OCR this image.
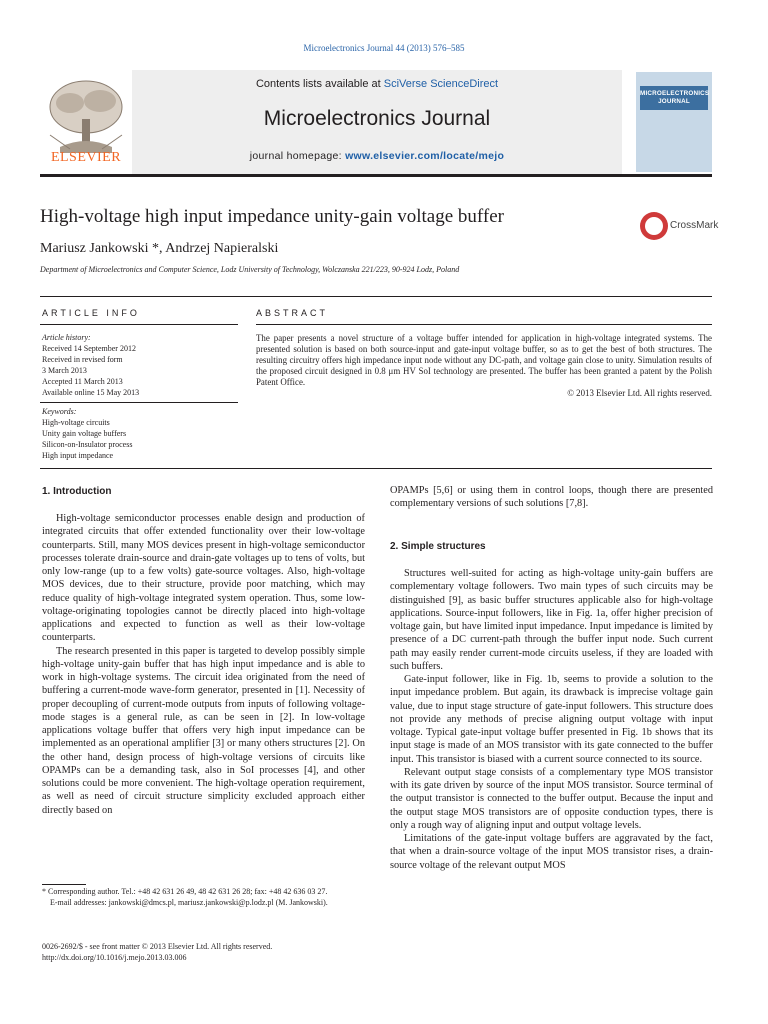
Microelectronics Journal 44 (2013) 576–585
ELSEVIER
Contents lists available at SciVerse ScienceDirect
Microelectronics Journal
journal homepage: www.elsevier.com/locate/mejo
MICROELECTRONICS JOURNAL
High-voltage high input impedance unity-gain voltage buffer	CrossMark
Mariusz Jankowski *, Andrzej Napieralski
Department of Microelectronics and Computer Science, Lodz University of Technology, Wolczanska 221/223, 90-924 Lodz, Poland
ARTICLE INFO	ABSTRACT
Article history:
Received 14 September 2012
Received in revised form
3 March 2013
Accepted 11 March 2013
Available online 15 May 2013
Keywords:
High-voltage circuits
Unity gain voltage buffers
Silicon-on-Insulator process
High input impedance
The paper presents a novel structure of a voltage buffer intended for application in high-voltage integrated systems. The presented solution is based on both source-input and gate-input voltage buffer, so as to get the best of both structures. The resulting circuitry offers high impedance input node without any DC-path, and voltage gain close to unity. Simulation results of the proposed circuit designed in 0.8 μm HV SoI technology are presented. The buffer has been granted a patent by the Polish Patent Office.
© 2013 Elsevier Ltd. All rights reserved.
1. Introduction

High-voltage semiconductor processes enable design and production of integrated circuits that offer extended functionality over their low-voltage counterparts. Still, many MOS devices present in high-voltage semiconductor processes tolerate drain-source and drain-gate voltages up to tens of volts, but only low-range (up to a few volts) gate-source voltages. Also, high-voltage MOS devices, due to their structure, provide poor matching, which may reduce quality of high-voltage integrated system operation. Thus, some low-voltage-originating topologies cannot be directly placed into high-voltage applications and expected to function as well as their low-voltage counterparts.

The research presented in this paper is targeted to develop possibly simple high-voltage unity-gain buffer that has high input impedance and is able to work in high-voltage systems. The circuit idea originated from the need of buffering a current-mode wave-form generator, presented in [1]. Necessity of proper decoupling of current-mode outputs from inputs of following voltage-mode stages is a general rule, as can be seen in [2]. In low-voltage applications voltage buffer that offers very high input impedance can be implemented as an operational amplifier [3] or many others structures [2]. On the other hand, design process of high-voltage versions of circuits like OPAMPs can be a demanding task, also in SoI processes [4], and other solutions could be more convenient. The high-voltage operation requirement, as well as need of circuit structure simplicity excluded approach either directly based on

* Corresponding author. Tel.: +48 42 631 26 49, 48 42 631 26 28; fax: +48 42 636 03 27.
E-mail addresses: jankowski@dmcs.pl, mariusz.jankowski@p.lodz.pl (M. Jankowski).
0026-2692/$ - see front matter © 2013 Elsevier Ltd. All rights reserved.
http://dx.doi.org/10.1016/j.mejo.2013.03.006
OPAMPs [5,6] or using them in control loops, though there are presented complementary versions of such solutions [7,8].
2. Simple structures

Structures well-suited for acting as high-voltage unity-gain buffers are complementary voltage followers. Two main types of such circuits may be distinguished [9], as basic buffer structures applicable also for high-voltage applications. Source-input followers, like in Fig. 1a, offer higher precision of voltage gain, but have limited input impedance. Input impedance is limited by presence of a DC current-path through the buffer input node. Such current path may easily render current-mode circuits useless, if they are loaded with such buffers.

Gate-input follower, like in Fig. 1b, seems to provide a solution to the input impedance problem. But again, its drawback is imprecise voltage gain value, due to input stage structure of gate-input followers. This structure does not provide any methods of precise aligning output voltage with input voltage. Typical gate-input voltage buffer presented in Fig. 1b shows that its input stage is made of an MOS transistor with its gate connected to the buffer input. This transistor is biased with a current source connected to its source.

Relevant output stage consists of a complementary type MOS transistor with its gate driven by source of the input MOS transistor. Source terminal of the output transistor is connected to the buffer output. Because the input and the output stage MOS transistors are of opposite conduction types, there is only a rough way of aligning input and output voltage levels.

Limitations of the gate-input voltage buffers are aggravated by the fact, that when a drain-source voltage of the input MOS transistor rises, a drain-source voltage of the relevant output MOS
